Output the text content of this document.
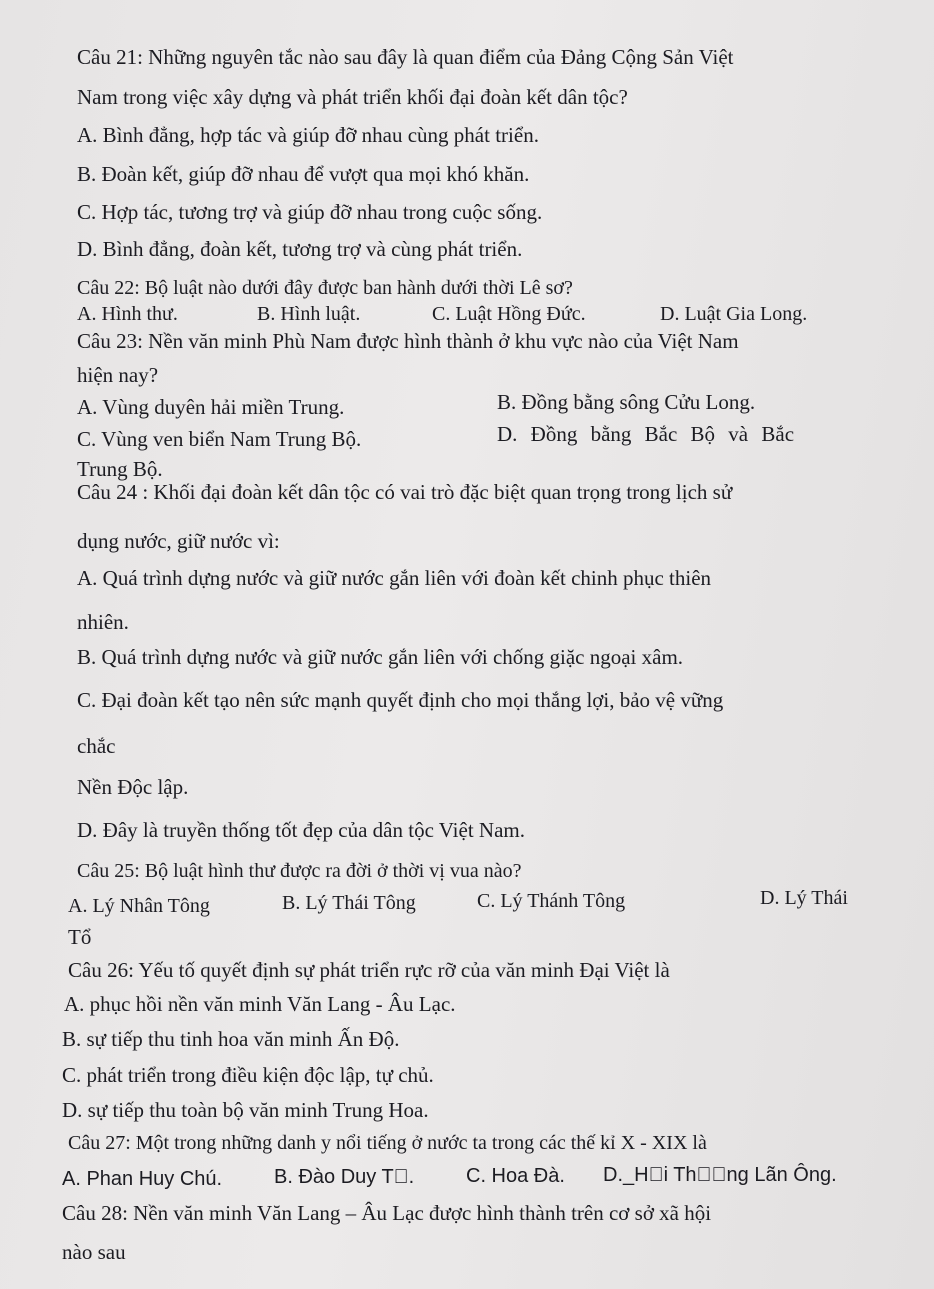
Câu 21: Những nguyên tắc nào sau đây là quan điểm của Đảng Cộng Sản Việt
Nam trong việc xây dựng và phát triển khối đại đoàn kết dân tộc?
A. Bình đẳng, hợp tác và giúp đỡ nhau cùng phát triển.
B. Đoàn kết, giúp đỡ nhau để vượt qua mọi khó khăn.
C. Hợp tác, tương trợ và giúp đỡ nhau trong cuộc sống.
D. Bình đẳng, đoàn kết, tương trợ và cùng phát triển.
Câu 22: Bộ luật nào dưới đây được ban hành dưới thời Lê sơ?
A. Hình thư.	B. Hình luật.	C. Luật Hồng Đức.	D. Luật Gia Long.
Câu 23: Nền văn minh Phù Nam được hình thành ở khu vực nào của Việt Nam
hiện nay?
A. Vùng duyên hải miền Trung.	B. Đồng bằng sông Cửu Long.
C. Vùng ven biển Nam Trung Bộ.	D. Đồng bằng Bắc Bộ và Bắc
Trung Bộ.
Câu 24 : Khối đại đoàn kết dân tộc có vai trò đặc biệt quan trọng trong lịch sử
dụng nước, giữ nước vì:
A. Quá trình dựng nước và giữ nước gắn liên với đoàn kết chinh phục thiên
nhiên.
B. Quá trình dựng nước và giữ nước gắn liên với chống giặc ngoại xâm.
C. Đại đoàn kết tạo nên sức mạnh quyết định cho mọi thắng lợi, bảo vệ vững
chắc
Nền Độc lập.
D. Đây là truyền thống tốt đẹp của dân tộc Việt Nam.
Câu 25: Bộ luật hình thư được ra đời ở thời vị vua nào?
A. Lý Nhân Tông	B. Lý Thái Tông	C. Lý Thánh Tông	D. Lý Thái
Tổ
Câu 26: Yếu tố quyết định sự phát triển rực rỡ của văn minh Đại Việt là
A. phục hồi nền văn minh Văn Lang - Âu Lạc.
B. sự tiếp thu tinh hoa văn minh Ấn Độ.
C. phát triển trong điều kiện độc lập, tự chủ.
D. sự tiếp thu toàn bộ văn minh Trung Hoa.
Câu 27: Một trong những danh y nổi tiếng ở nước ta trong các thế kỉ X - XIX là
A. Phan Huy Chú.	B. Đào Duy T .	C. Hoa Đà. D._H i Th  ng Lãn Ông.
Câu 28: Nền văn minh Văn Lang – Âu Lạc được hình thành trên cơ sở xã hội
nào sau
